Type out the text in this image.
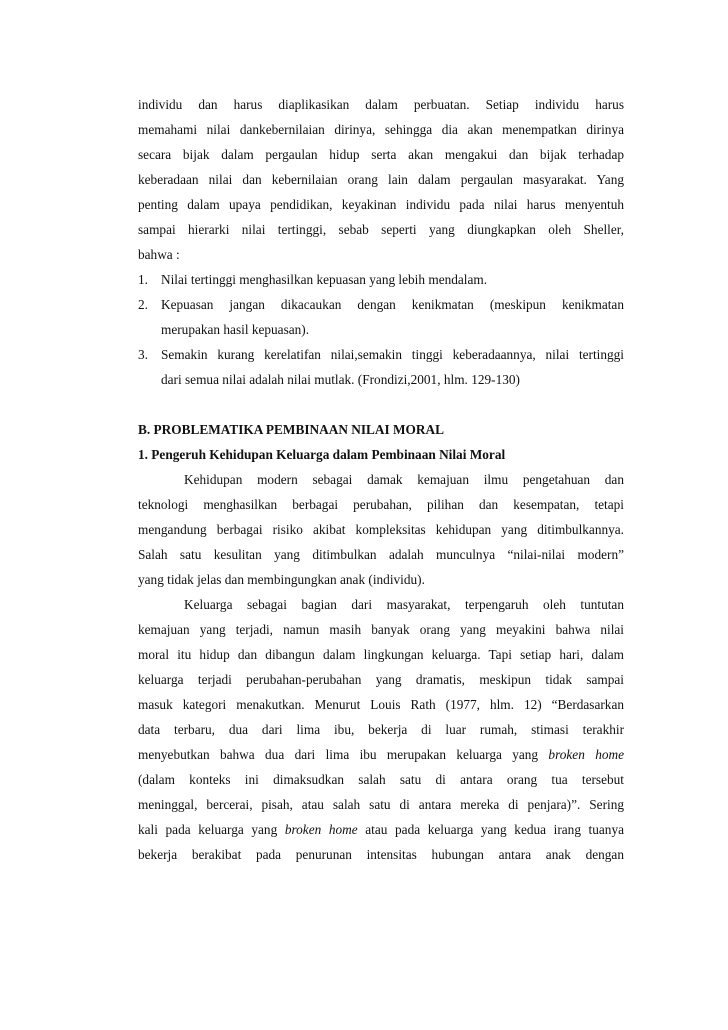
individu dan harus diaplikasikan dalam perbuatan. Setiap individu harus
memahami nilai dankebernilaian dirinya, sehingga dia akan menempatkan dirinya
secara bijak dalam pergaulan hidup serta akan mengakui dan bijak terhadap
keberadaan nilai dan kebernilaian orang lain dalam pergaulan masyarakat. Yang
penting dalam upaya pendidikan, keyakinan individu pada nilai harus menyentuh
sampai hierarki nilai tertinggi, sebab seperti yang diungkapkan oleh Sheller,
bahwa :
1. Nilai tertinggi menghasilkan kepuasan yang lebih mendalam.
2. Kepuasan jangan dikacaukan dengan kenikmatan (meskipun kenikmatan
merupakan hasil kepuasan).
3. Semakin kurang kerelatifan nilai,semakin tinggi keberadaannya, nilai tertinggi
dari semua nilai adalah nilai mutlak. (Frondizi,2001, hlm. 129-130)
B. PROBLEMATIKA PEMBINAAN NILAI MORAL
1. Pengeruh Kehidupan Keluarga dalam Pembinaan Nilai Moral
Kehidupan modern sebagai damak kemajuan ilmu pengetahuan dan
teknologi menghasilkan berbagai perubahan, pilihan dan kesempatan, tetapi
mengandung berbagai risiko akibat kompleksitas kehidupan yang ditimbulkannya.
Salah satu kesulitan yang ditimbulkan adalah munculnya “nilai-nilai modern”
yang tidak jelas dan membingungkan anak (individu).
Keluarga sebagai bagian dari masyarakat, terpengaruh oleh tuntutan
kemajuan yang terjadi, namun masih banyak orang yang meyakini bahwa nilai
moral itu hidup dan dibangun dalam lingkungan keluarga. Tapi setiap hari, dalam
keluarga terjadi perubahan-perubahan yang dramatis, meskipun tidak sampai
masuk kategori menakutkan. Menurut Louis Rath (1977, hlm. 12) “Berdasarkan
data terbaru, dua dari lima ibu, bekerja di luar rumah, stimasi terakhir
menyebutkan bahwa dua dari lima ibu merupakan keluarga yang broken home
(dalam konteks ini dimaksudkan salah satu di antara orang tua tersebut
meninggal, bercerai, pisah, atau salah satu di antara mereka di penjara)”. Sering
kali pada keluarga yang broken home atau pada keluarga yang kedua irang tuanya
bekerja berakibat pada penurunan intensitas hubungan antara anak dengan
